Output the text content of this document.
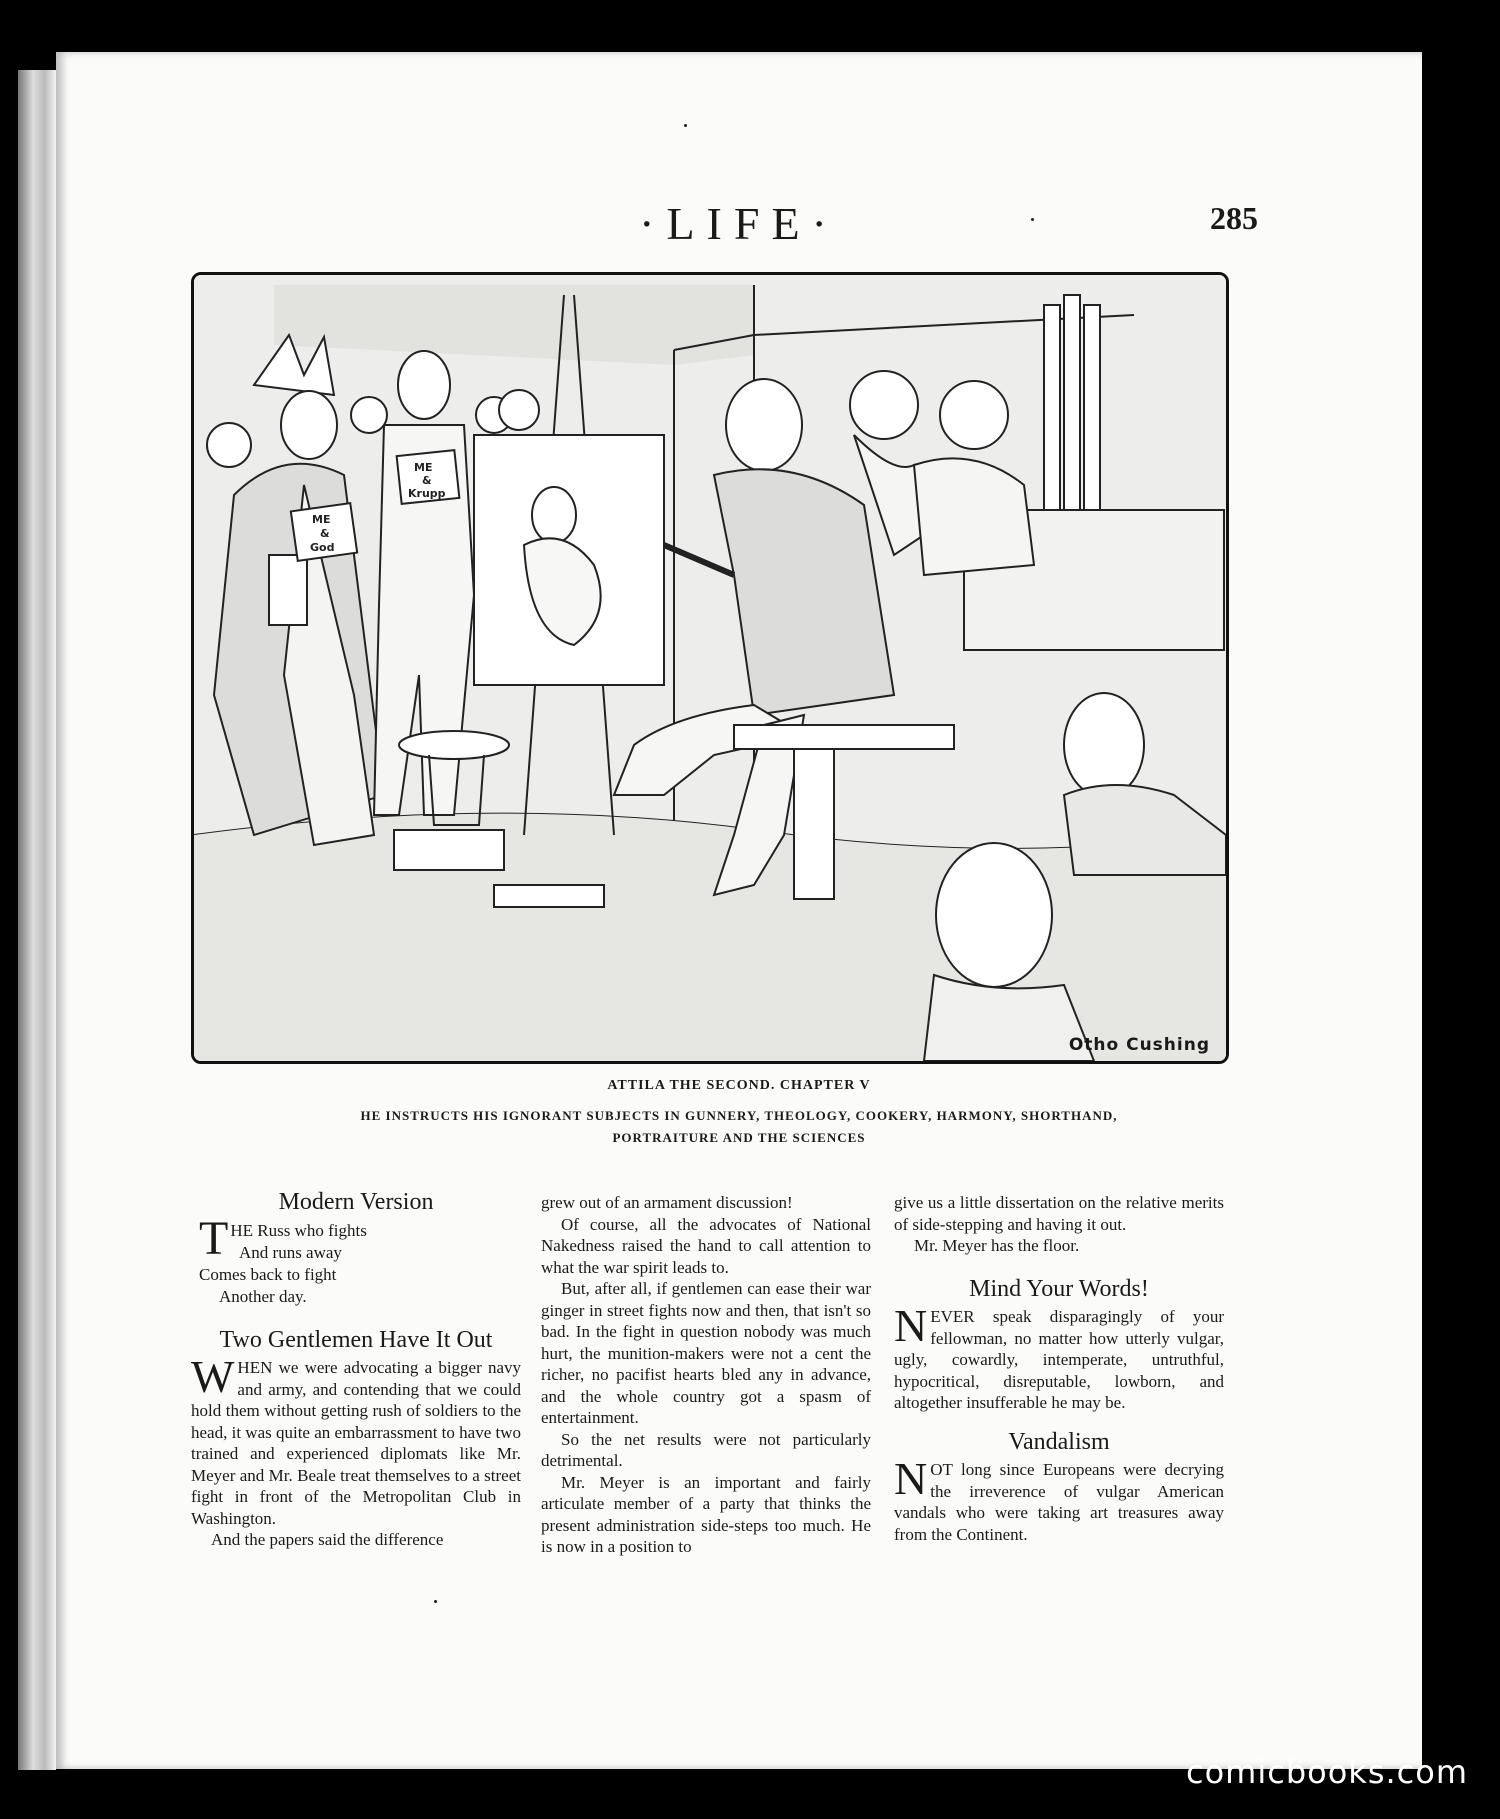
·LIFE·	285
ME
&
God
ME
&
Krupp
Otho Cushing
ATTILA THE SECOND. CHAPTER V
HE INSTRUCTS HIS IGNORANT SUBJECTS IN GUNNERY, THEOLOGY, COOKERY, HARMONY, SHORTHAND,
PORTRAITURE AND THE SCIENCES
Modern Version
T HE Russ who fights
And runs away
Comes back to fight
Another day.
Two Gentlemen Have It Out

WHEN we were advocating a bigger navy and army, and contending that we could hold them without getting rush of soldiers to the head, it was quite an embarrassment to have two trained and experienced diplomats like Mr. Meyer and Mr. Beale treat themselves to a street fight in front of the Metropolitan Club in Washington.

And the papers said the difference

grew out of an armament discussion!

Of course, all the advocates of National Nakedness raised the hand to call attention to what the war spirit leads to.

But, after all, if gentlemen can ease their war ginger in street fights now and then, that isn't so bad. In the fight in question nobody was much hurt, the munition-makers were not a cent the richer, no pacifist hearts bled any in advance, and the whole country got a spasm of entertainment.

So the net results were not particularly detrimental.

Mr. Meyer is an important and fairly articulate member of a party that thinks the present administration side-steps too much. He is now in a position to

give us a little dissertation on the relative merits of side-stepping and having it out.

Mr. Meyer has the floor.

Mind Your Words!

NEVER speak disparagingly of your fellowman, no matter how utterly vulgar, ugly, cowardly, intemperate, untruthful, hypocritical, disreputable, lowborn, and altogether insufferable he may be.

Vandalism

NOT long since Europeans were decrying the irreverence of vulgar American vandals who were taking art treasures away from the Continent.

comicbooks.com
